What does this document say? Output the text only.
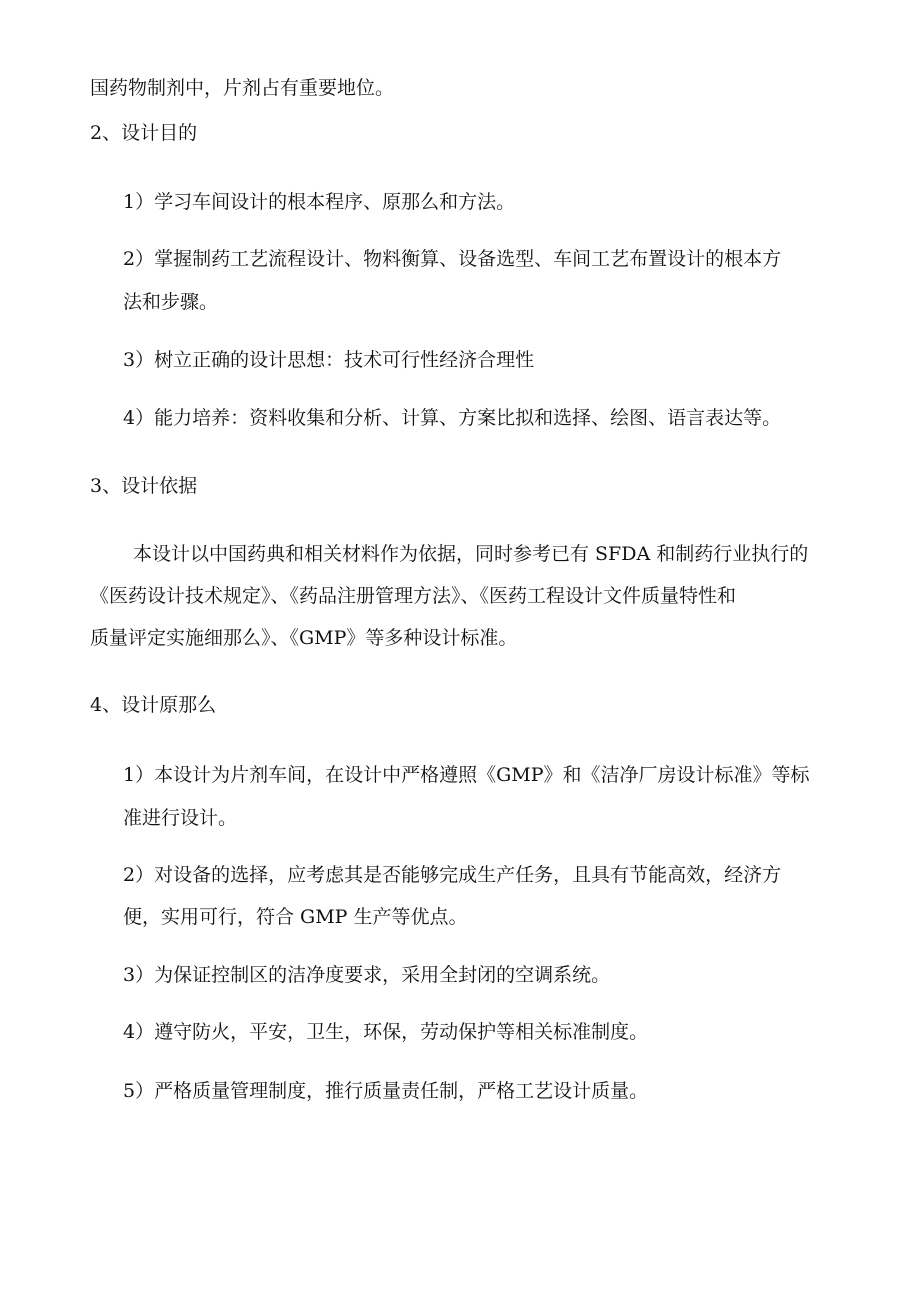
国药物制剂中，片剂占有重要地位。

2、设计目的

1）学习车间设计的根本程序、原那么和方法。

2）掌握制药工艺流程设计、物料衡算、设备选型、车间工艺布置设计的根本方

法和步骤。

3）树立正确的设计思想：技术可行性经济合理性

4）能力培养：资料收集和分析、计算、方案比拟和选择、绘图、语言表达等。

3、设计依据

本设计以中国药典和相关材料作为依据，同时参考已有 SFDA 和制药行业执行的

《医药设计技术规定》、《药品注册管理方法》、《医药工程设计文件质量特性和

质量评定实施细那么》、《GMP》等多种设计标准。

4、设计原那么

1）本设计为片剂车间，在设计中严格遵照《GMP》和《洁净厂房设计标准》等标

准进行设计。

2）对设备的选择，应考虑其是否能够完成生产任务，且具有节能高效，经济方

便，实用可行，符合 GMP 生产等优点。

3）为保证控制区的洁净度要求，采用全封闭的空调系统。

4）遵守防火，平安，卫生，环保，劳动保护等相关标准制度。

5）严格质量管理制度，推行质量责任制，严格工艺设计质量。
